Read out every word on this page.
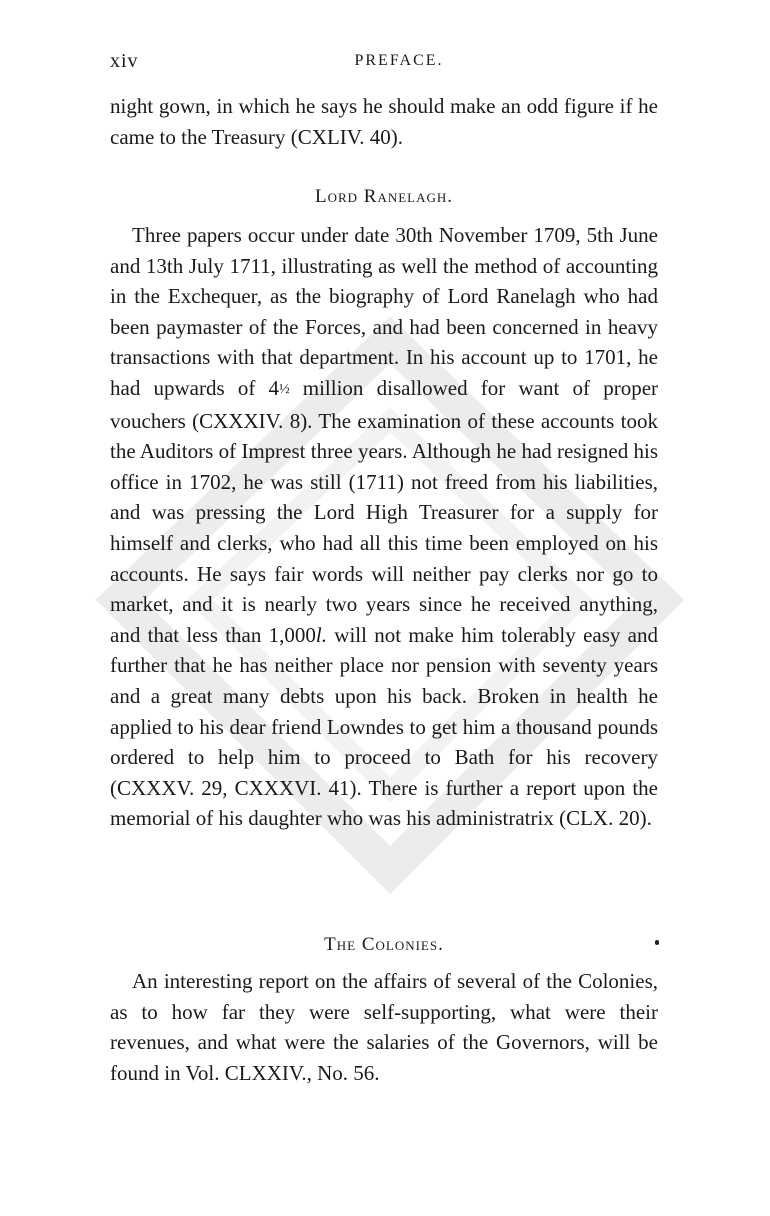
xiv	PREFACE.

night gown, in which he says he should make an odd figure if he came to the Treasury (CXLIV. 40).

Lord Ranelagh.

Three papers occur under date 30th November 1709, 5th June and 13th July 1711, illustrating as well the method of accounting in the Exchequer, as the biography of Lord Ranelagh who had been paymaster of the Forces, and had been concerned in heavy transactions with that department. In his account up to 1701, he had upwards of 4½ million disallowed for want of proper vouchers (CXXXIV. 8). The examination of these accounts took the Auditors of Imprest three years. Although he had resigned his office in 1702, he was still (1711) not freed from his liabilities, and was pressing the Lord High Treasurer for a supply for himself and clerks, who had all this time been employed on his accounts. He says fair words will neither pay clerks nor go to market, and it is nearly two years since he received anything, and that less than 1,000l. will not make him tolerably easy and further that he has neither place nor pension with seventy years and a great many debts upon his back. Broken in health he applied to his dear friend Lowndes to get him a thousand pounds ordered to help him to proceed to Bath for his recovery (CXXXV. 29, CXXXVI. 41). There is further a report upon the memorial of his daughter who was his administratrix (CLX. 20).

The Colonies.

An interesting report on the affairs of several of the Colonies, as to how far they were self-supporting, what were their revenues, and what were the salaries of the Governors, will be found in Vol. CLXXIV., No. 56.
